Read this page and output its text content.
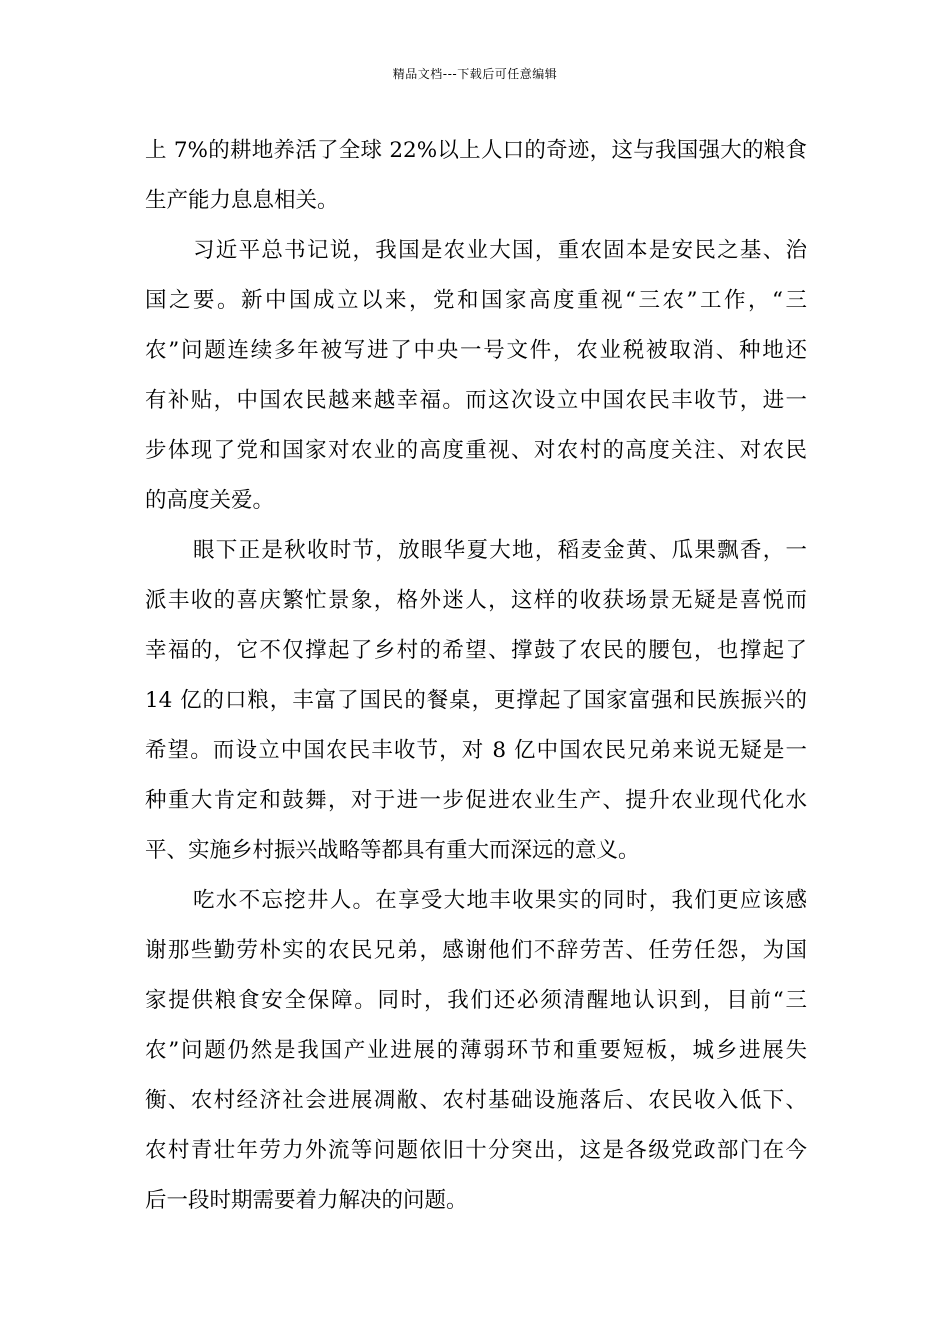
精品文档---下载后可任意编辑
上 7%的耕地养活了全球 22%以上人口的奇迹，这与我国强大的粮食
生产能力息息相关。
习近平总书记说，我国是农业大国，重农固本是安民之基、治
国之要。新中国成立以来，党和国家高度重视“三农”工作，“三
农”问题连续多年被写进了中央一号文件，农业税被取消、种地还
有补贴，中国农民越来越幸福。而这次设立中国农民丰收节，进一
步体现了党和国家对农业的高度重视、对农村的高度关注、对农民
的高度关爱。
眼下正是秋收时节，放眼华夏大地，稻麦金黄、瓜果飘香，一
派丰收的喜庆繁忙景象，格外迷人，这样的收获场景无疑是喜悦而
幸福的，它不仅撑起了乡村的希望、撑鼓了农民的腰包，也撑起了
14 亿的口粮，丰富了国民的餐桌，更撑起了国家富强和民族振兴的
希望。而设立中国农民丰收节，对 8 亿中国农民兄弟来说无疑是一
种重大肯定和鼓舞，对于进一步促进农业生产、提升农业现代化水
平、实施乡村振兴战略等都具有重大而深远的意义。
吃水不忘挖井人。在享受大地丰收果实的同时，我们更应该感
谢那些勤劳朴实的农民兄弟，感谢他们不辞劳苦、任劳任怨，为国
家提供粮食安全保障。同时，我们还必须清醒地认识到，目前“三
农”问题仍然是我国产业进展的薄弱环节和重要短板，城乡进展失
衡、农村经济社会进展凋敝、农村基础设施落后、农民收入低下、
农村青壮年劳力外流等问题依旧十分突出，这是各级党政部门在今
后一段时期需要着力解决的问题。
